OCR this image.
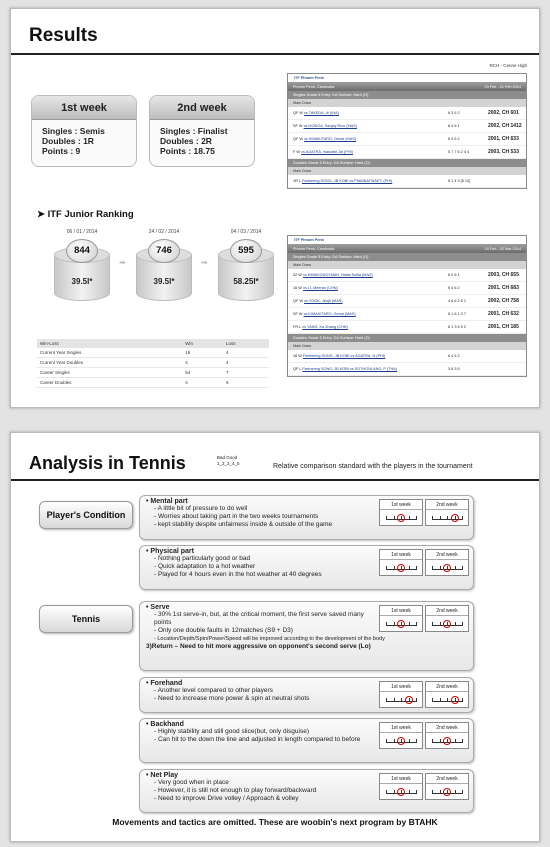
Results
1st week
Singles : Semis
Doubles : 1R
Points : 9
2nd week
Singles : Finalist
Doubles : 2R
Points : 18.75
➤ ITF Junior Ranking
06 / 01 / 2014
844
39.5l*
➡
24 / 02 / 2014
746
39.5l*
➡
04 / 03 / 2014
595
58.25l*
Win-Loss	Win	Loss
Current Year Singles	16	4
Current Year Doubles	4	4
Career Singles	54	7
Career Doubles	4	6
RCH - Cenne High
ITF Phnom Penh
Phnom Penh, Cambodia	03 Feb - 21 Feb 2014
Singles Grade 5 Entry: DA Surface: Hard (O)
Main Draw
QF W vs TAKEDA, Ai (INA)	6 3 6 2	2002, CH 601
SF W vs MONOA, Sanjay Rico (MAS)	6 4 6 1	2002, CH 1412
QF W vs KIMAKITARO, Genai (MAS)	6 3 6 2	2001, CH 633
F W vs AGATRA, Nasubbi Jai (PHI)	5 7 7 6 2 4 4	2003, CH 533
Doubles Grade 5 Entry: DA Surface: Hard (O)
Main Draw
1R L Partnering SONG, JB KOBI vs PIAMNATWAET, (PHI)	6 1 4 3 [6 10]
ITF Phnom Penh
Phnom Penh, Cambodia	24 Feb - 02 Mar 2014
Singles Grade 5 Entry: DA Surface: Hard (O)
Main Draw
32 W vs KIMAKOUDYMAN, Nisita Sollia (MAS)	6 0 6 1	2003, CH 655
16 W vs LI, Meeran (CHN)	6 4 6 2	2001, CH 683
QF W vs YOOK, Jenjit (MAS)	4 6 6 2 6 1	2002, CH 758
SF W vs KIMAKITARO, Genai (MAS)	6 1 6 1 0 7	2001, CH 632
FR L vs YANG, Ka Zhang (CHN)	6 1 3 6 5 2	2001, CH 185
Doubles Grade 5 Entry: DA Surface: Hard (O)
Main Draw
16 W Partnering SONG, JB KOBI vs AGATRA, N (PHI)	6 4 6 2
QF L Partnering SONG, JB KOBI vs SOTHONLANG, P (THA)	3 6 3 6
Analysis in Tennis	Bad Good
1_2_3_4_5	Relative comparison standard with the players in the tournament
Player's Condition
Tennis
• Mental part
- A little bit of pressure to do well
- Worries about taking part in the two weeks tournaments
- kept stability despite unfairness inside & outside of the game
1st week	2nd week
• Physical part
- Nothing particularly good or bad
- Quick adaptation to a hot weather
- Played for 4 hours even in the hot weather at 40 degrees
1st week	2nd week
• Serve
- 30% 1st serve-in, but, at the critical moment, the first serve saved many points
- Only one double faults in 12matches (S9 + D3)
- Location/Depth/Spin/Power/Speed will be improved according to the development of the body
3)Return – Need to hit more aggressive on opponent's second serve (Lo)
1st week	2nd week
• Forehand
- Another level compared to other players
- Need to increase more power & spin at neutral shots
1st week	2nd week
• Backhand
- Highly stability and still good slice(but, only disguise)
- Can hit to the down the line and adjusted in length compared to before
1st week	2nd week
• Net Play
- Very good when in place
- However, it is still not enough to play forward/backward
- Need to improve Drive volley / Approach & volley
1st week	2nd week
Movements and tactics are omitted. These are woobin's next program by BTAHK
